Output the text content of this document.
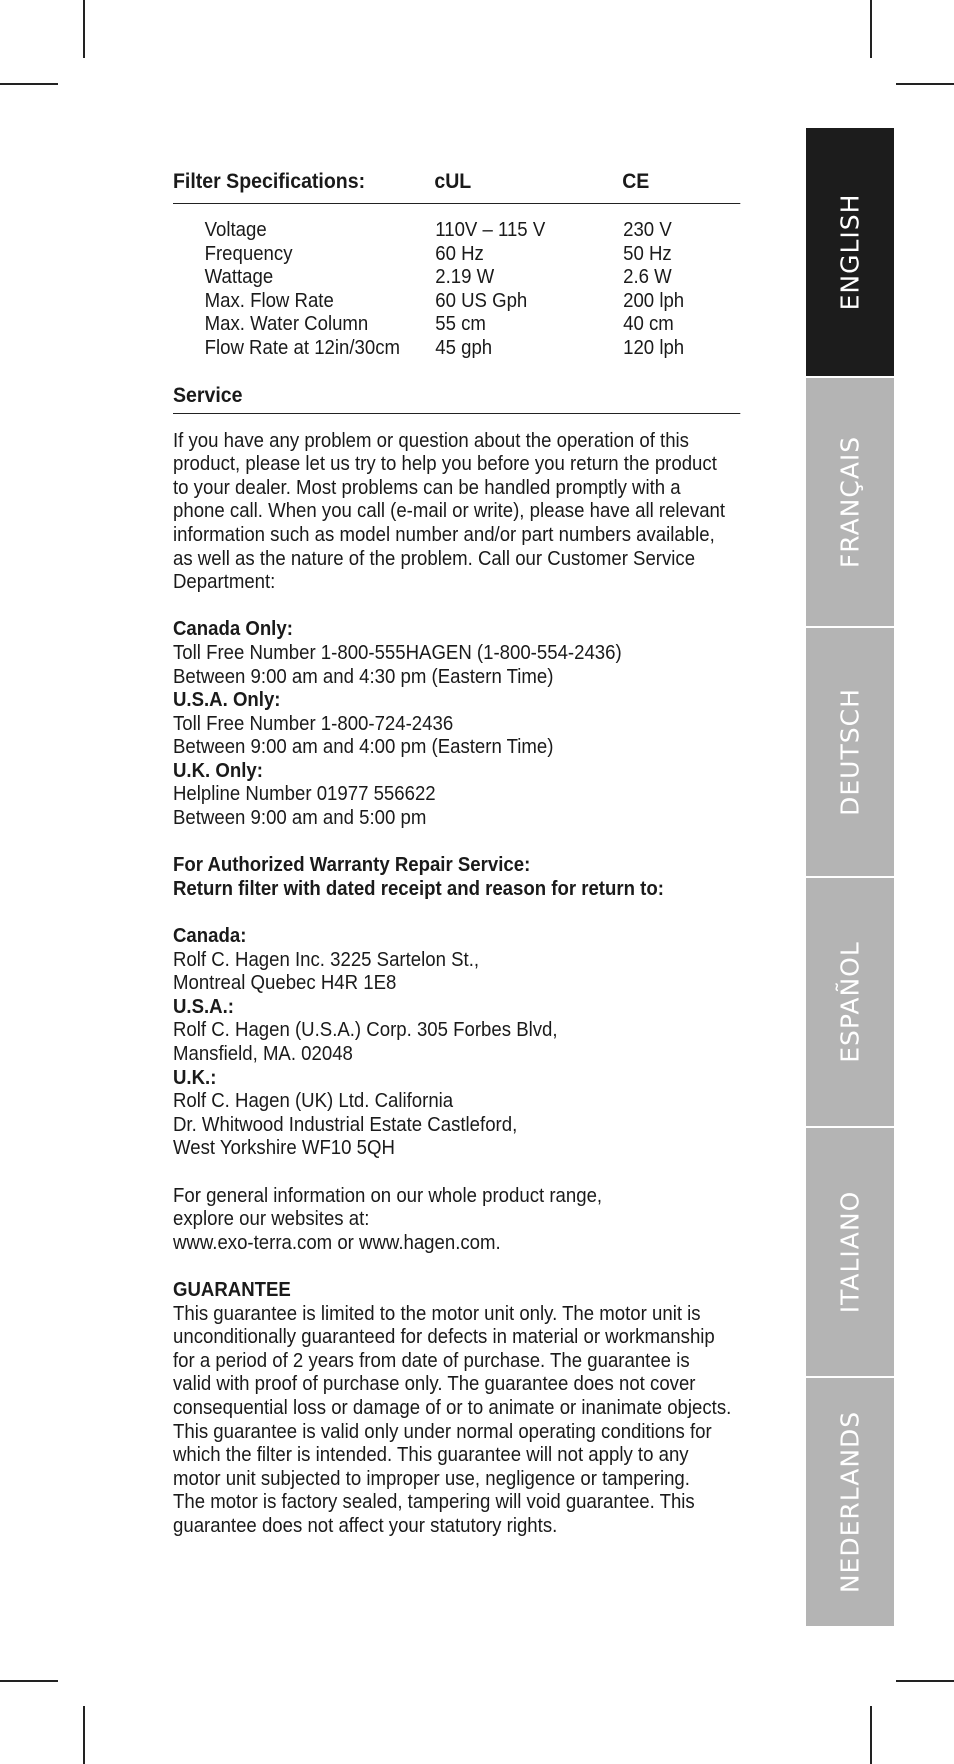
Filter Specifications:	cUL	CE
Voltage	110V – 115 V	230 V
Frequency	60 Hz	50 Hz
Wattage	2.19 W	2.6 W
Max. Flow Rate	60 US Gph	200 lph
Max. Water Column	55 cm	40 cm
Flow Rate at 12in/30cm	45 gph	120 lph
Service
If you have any problem or question about the operation of this
product, please let us try to help you before you return the product
to your dealer. Most problems can be handled promptly with a
phone call. When you call (e-mail or write), please have all relevant
information such as model number and/or part numbers available,
as well as the nature of the problem. Call our Customer Service
Department:
Canada Only:
Toll Free Number 1-800-555HAGEN (1-800-554-2436)
Between 9:00 am and 4:30 pm (Eastern Time)
U.S.A. Only:
Toll Free Number 1-800-724-2436
Between 9:00 am and 4:00 pm (Eastern Time)
U.K. Only:
Helpline Number 01977 556622
Between 9:00 am and 5:00 pm
For Authorized Warranty Repair Service:
Return filter with dated receipt and reason for return to:
Canada:
Rolf C. Hagen Inc. 3225 Sartelon St.,
Montreal Quebec H4R 1E8
U.S.A.:
Rolf C. Hagen (U.S.A.) Corp. 305 Forbes Blvd,
Mansfield, MA. 02048
U.K.:
Rolf C. Hagen (UK) Ltd. California
Dr. Whitwood Industrial Estate Castleford,
West Yorkshire WF10 5QH
For general information on our whole product range,
explore our websites at:
www.exo-terra.com or www.hagen.com.
GUARANTEE
This guarantee is limited to the motor unit only. The motor unit is
unconditionally guaranteed for defects in material or workmanship
for a period of 2 years from date of purchase. The guarantee is
valid with proof of purchase only. The guarantee does not cover
consequential loss or damage of or to animate or inanimate objects.
This guarantee is valid only under normal operating conditions for
which the filter is intended. This guarantee will not apply to any
motor unit subjected to improper use, negligence or tampering.
The motor is factory sealed, tampering will void guarantee. This
guarantee does not affect your statutory rights.
ENGLISH
FRANÇAIS
DEUTSCH
ESPAÑOL
ITALIANO
NEDERLANDS
